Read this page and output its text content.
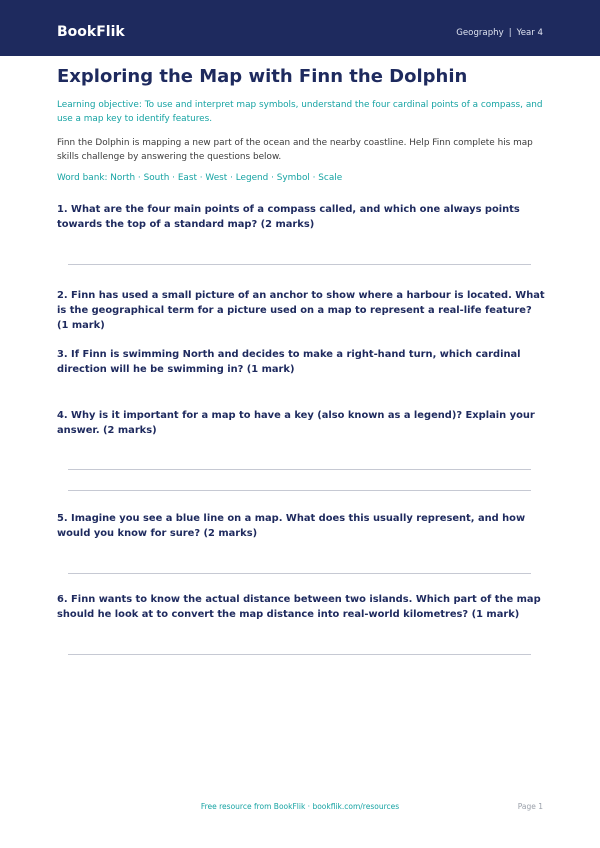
BookFlik	Geography | Year 4
Exploring the Map with Finn the Dolphin

Learning objective: To use and interpret map symbols, understand the four cardinal points of a compass, and use a map key to identify features.

Finn the Dolphin is mapping a new part of the ocean and the nearby coastline. Help Finn complete his map skills challenge by answering the questions below.

Word bank: North · South · East · West · Legend · Symbol · Scale

1. What are the four main points of a compass called, and which one always points towards the top of a standard map? (2 marks)

2. Finn has used a small picture of an anchor to show where a harbour is located. What is the geographical term for a picture used on a map to represent a real-life feature? (1 mark)

3. If Finn is swimming North and decides to make a right-hand turn, which cardinal direction will he be swimming in? (1 mark)

4. Why is it important for a map to have a key (also known as a legend)? Explain your answer. (2 marks)

5. Imagine you see a blue line on a map. What does this usually represent, and how would you know for sure? (2 marks)

6. Finn wants to know the actual distance between two islands. Which part of the map should he look at to convert the map distance into real-world kilometres? (1 mark)

Free resource from BookFlik · bookflik.com/resources	Page 1
